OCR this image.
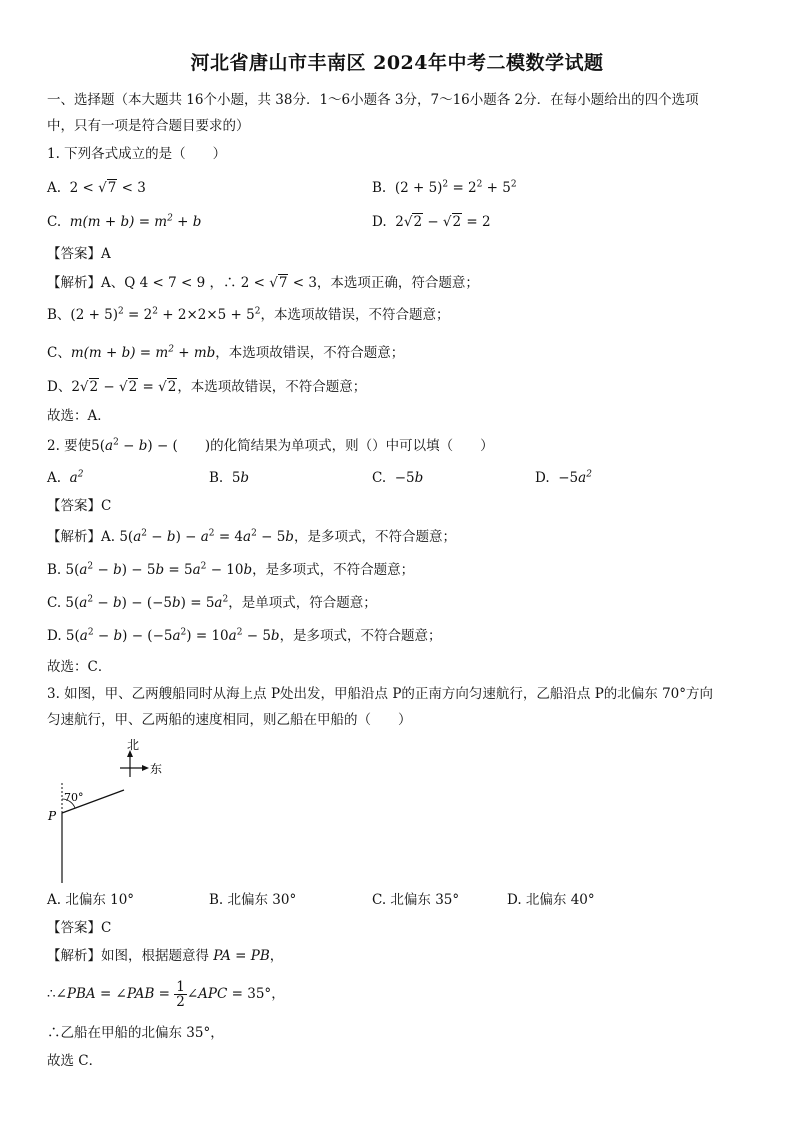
河北省唐山市丰南区 2024年中考二模数学试题
一、选择题（本大题共 16个小题，共 38分．1～6小题各 3分，7～16小题各 2分．在每小题给出的四个选项
中，只有一项是符合题目要求的）
1. 下列各式成立的是（　　）
A. 2 < √7 < 3	B. $(2 + 5)^2 = 2^2 + 5^2$
C. $m(m + b) = m^2 + b$	D. 2√2 − √2 = 2
【答案】A
【解析】A、Q 4 < 7 < 9 ，∴ 2 < √7 < 3，本选项正确，符合题意；
B、$(2 + 5)^2 = 2^2 + 2\times 2\times 5 + 5^2$，本选项故错误，不符合题意；
C、$m(m + b) = m^2$ + mb，本选项故错误，不符合题意；
D、2√2 − √2 = √2，本选项故错误，不符合题意；
故选：A．
2. 要使$5(a^2 - b)$ − (　　)的化简结果为单项式，则（）中可以填（　　）
A. $a^2$	B. 5b	C. −5b	D. $-5a^2$
【答案】C
【解析】A. $5(a^2 - b) - a^2 = 4a^2 - 5b$，是多项式，不符合题意；
B. $5(a^2 - b) - 5b = 5a^2 - 10b$，是多项式，不符合题意；
C. $5(a^2 - b) - (-5b) = 5a^2$，是单项式，符合题意；
D. $5(a^2 - b) - (-5a^2) = 10a^2 - 5b$，是多项式，不符合题意；
故选：C．
3. 如图，甲、乙两艘船同时从海上点 P处出发，甲船沿点 P的正南方向匀速航行，乙船沿点 P的北偏东 70°方向
匀速航行，甲、乙两船的速度相同，则乙船在甲船的（　　）
北
东
70°
P
A. 北偏东 10°	B. 北偏东 30°	C. 北偏东 35°	D. 北偏东 40°
【答案】C
【解析】如图，根据题意得 PA = PB，
∴∠PBA = ∠PAB = $\frac{1}{2}$ ∠APC = 35°，
∴乙船在甲船的北偏东 35°，
故选 C．
